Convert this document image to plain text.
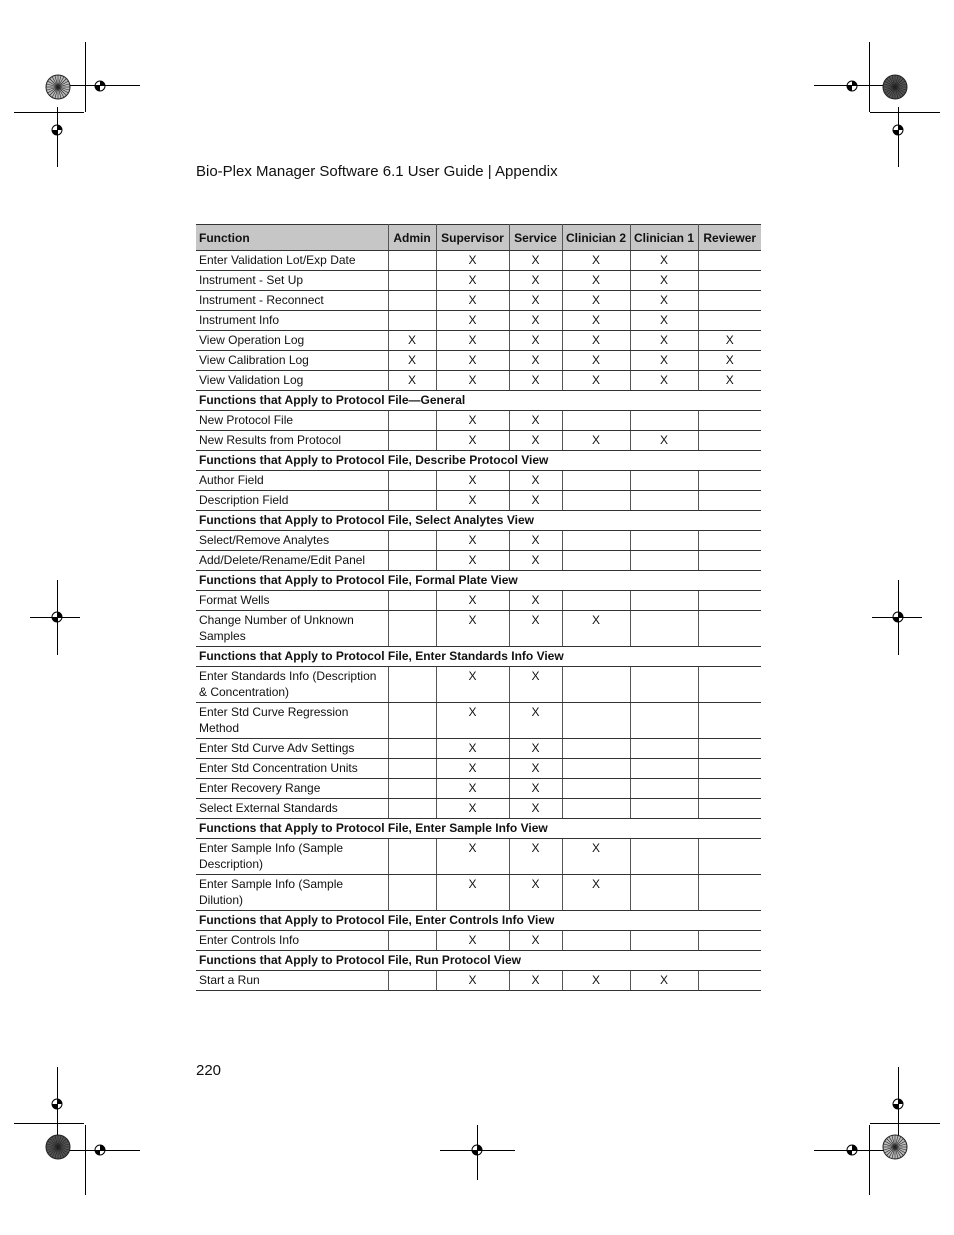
Bio-Plex Manager Software 6.1 User Guide | Appendix
Function	Admin	Supervisor	Service	Clinician 2	Clinician 1	Reviewer
Enter Validation Lot/Exp Date		X	X	X	X	
Instrument - Set Up		X	X	X	X	
Instrument - Reconnect		X	X	X	X	
Instrument Info		X	X	X	X	
View Operation Log	X	X	X	X	X	X
View Calibration Log	X	X	X	X	X	X
View Validation Log	X	X	X	X	X	X
Functions that Apply to Protocol File—General						
New Protocol File		X	X			
New Results from Protocol		X	X	X	X	
Functions that Apply to Protocol File, Describe Protocol View						
Author Field		X	X			
Description Field		X	X			
Functions that Apply to Protocol File, Select Analytes View						
Select/Remove Analytes		X	X			
Add/Delete/Rename/Edit Panel		X	X			
Functions that Apply to Protocol File, Formal Plate View						
Format Wells		X	X			
Change Number of Unknown Samples		X	X	X		
Functions that Apply to Protocol File, Enter Standards Info View						
Enter Standards Info (Description & Concentration)		X	X			
Enter Std Curve Regression Method		X	X			
Enter Std Curve Adv Settings		X	X			
Enter Std Concentration Units		X	X			
Enter Recovery Range		X	X			
Select External Standards		X	X			
Functions that Apply to Protocol File, Enter Sample Info View						
Enter Sample Info (Sample Description)		X	X	X		
Enter Sample Info (Sample Dilution)		X	X	X		
Functions that Apply to Protocol File, Enter Controls Info View						
Enter Controls Info		X	X			
Functions that Apply to Protocol File, Run Protocol View						
Start a Run		X	X	X	X	
220
